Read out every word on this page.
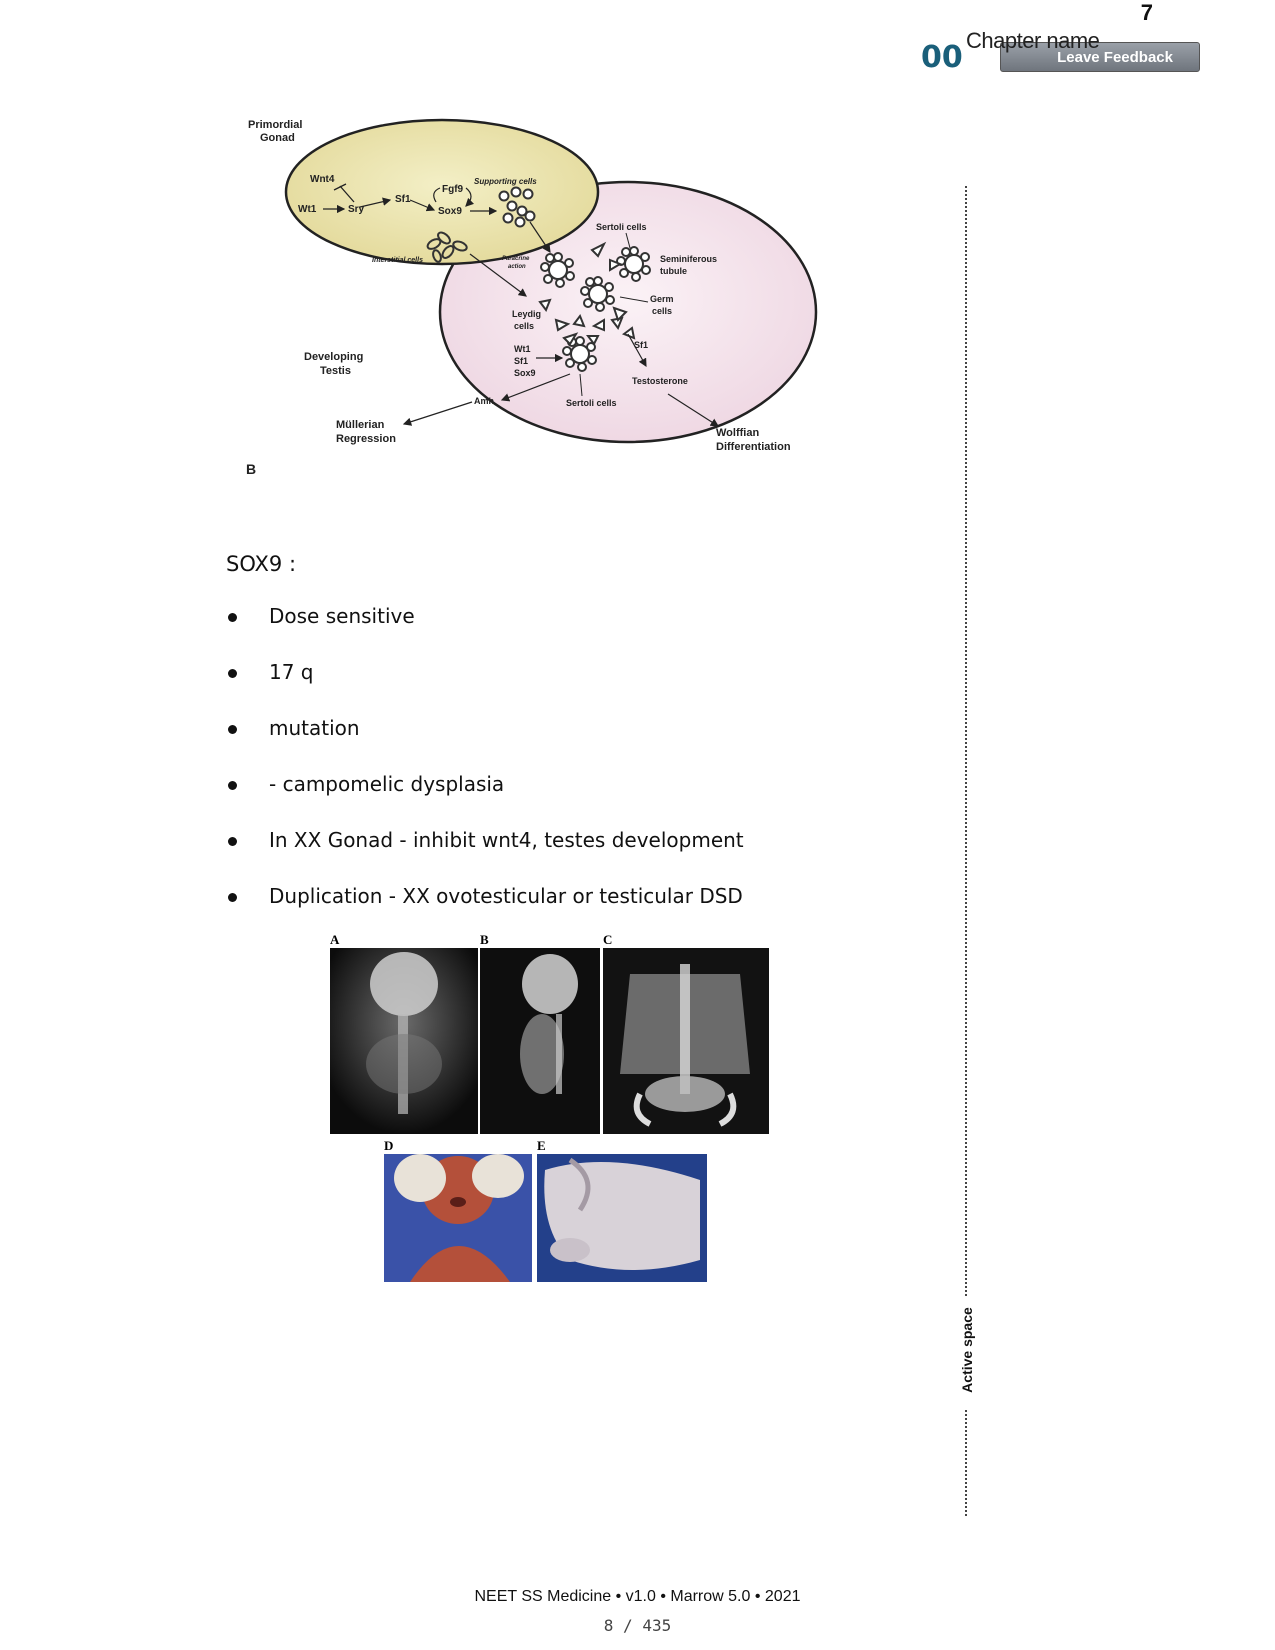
7
00	Leave Feedback
Chapter name
Active space
Primordial
Gonad
Wnt4
Wt1	Sry
Sf1
Fgf9
Sox9
Supporting cells
Interstitial cells
Sertoli cells
Paracrine
action
Seminiferous
tubule
Germ
cells
Leydig
cells
Sf1
Wt1
Sf1
Sox9
Testosterone
Developing
Testis
Amh	Sertoli cells
Müllerian
Regression	Wolffian
Differentiation
B
SOX9 :
Dose sensitive
17 q
mutation
- campomelic dysplasia
In XX Gonad - inhibit wnt4, testes development
Duplication - XX ovotesticular or testicular DSD
A	B	C
D	E
NEET SS Medicine • v1.0 • Marrow 5.0 • 2021
8 / 435
